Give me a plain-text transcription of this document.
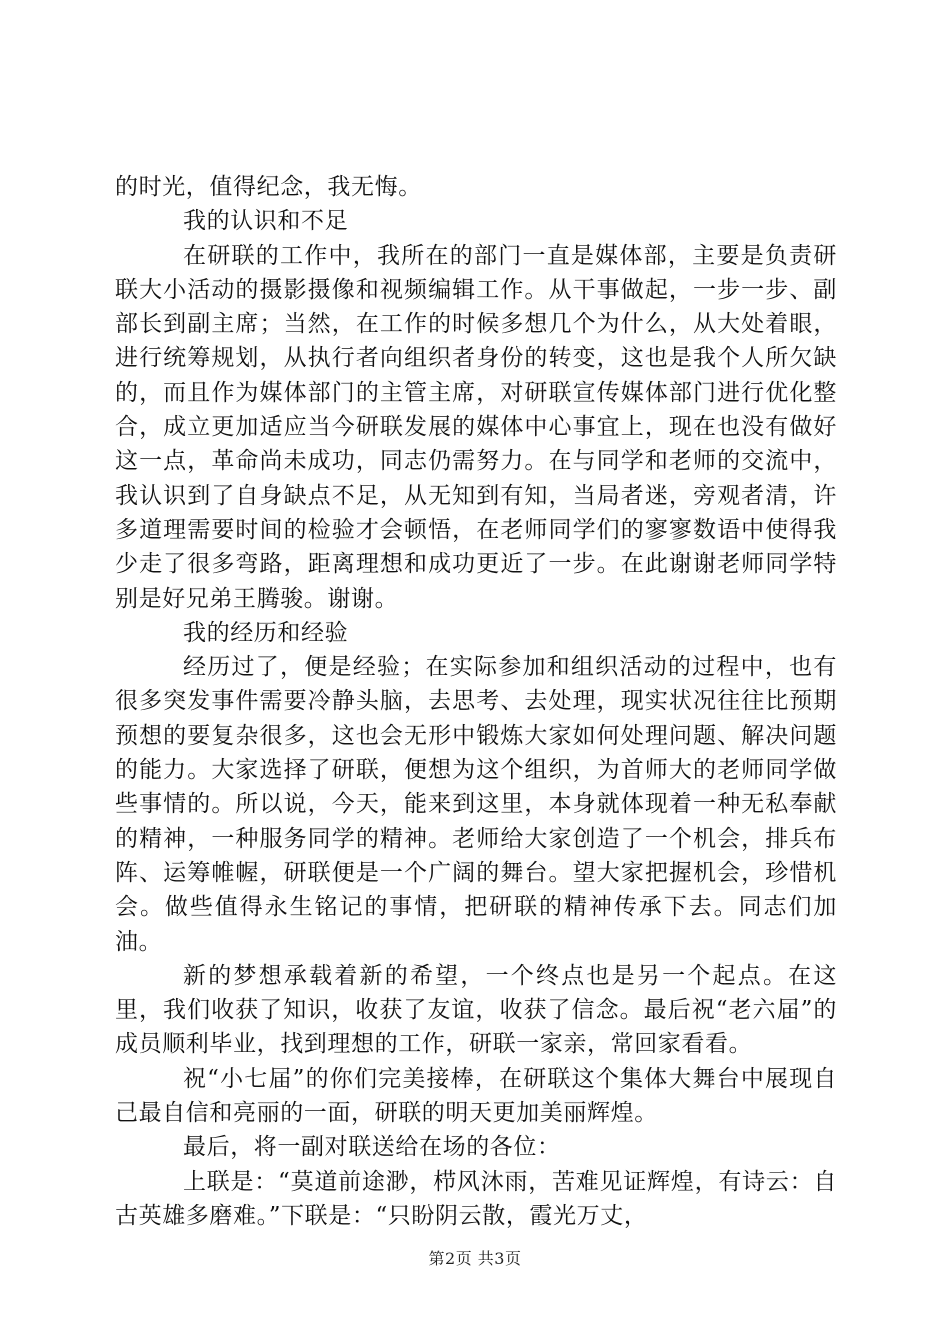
的时光，值得纪念，我无悔。

我的认识和不足

在研联的工作中，我所在的部门一直是媒体部，主要是负责研联大小活动的摄影摄像和视频编辑工作。从干事做起，一步一步、副部长到副主席；当然，在工作的时候多想几个为什么，从大处着眼，进行统筹规划，从执行者向组织者身份的转变，这也是我个人所欠缺的，而且作为媒体部门的主管主席，对研联宣传媒体部门进行优化整合，成立更加适应当今研联发展的媒体中心事宜上，现在也没有做好这一点，革命尚未成功，同志仍需努力。在与同学和老师的交流中，我认识到了自身缺点不足，从无知到有知，当局者迷，旁观者清，许多道理需要时间的检验才会顿悟，在老师同学们的寥寥数语中使得我少走了很多弯路，距离理想和成功更近了一步。在此谢谢老师同学特别是好兄弟王腾骏。谢谢。

我的经历和经验

经历过了，便是经验；在实际参加和组织活动的过程中，也有很多突发事件需要冷静头脑，去思考、去处理，现实状况往往比预期预想的要复杂很多，这也会无形中锻炼大家如何处理问题、解决问题的能力。大家选择了研联，便想为这个组织，为首师大的老师同学做些事情的。所以说，今天，能来到这里，本身就体现着一种无私奉献的精神，一种服务同学的精神。老师给大家创造了一个机会，排兵布阵、运筹帷幄，研联便是一个广阔的舞台。望大家把握机会，珍惜机会。做些值得永生铭记的事情，把研联的精神传承下去。同志们加油。

新的梦想承载着新的希望，一个终点也是另一个起点。在这里，我们收获了知识，收获了友谊，收获了信念。最后祝“老六届”的成员顺利毕业，找到理想的工作，研联一家亲，常回家看看。

祝“小七届”的你们完美接棒，在研联这个集体大舞台中展现自己最自信和亮丽的一面，研联的明天更加美丽辉煌。

最后，将一副对联送给在场的各位：

上联是：“莫道前途渺，栉风沐雨，苦难见证辉煌，有诗云：自古英雄多磨难。”下联是：“只盼阴云散，霞光万丈，

第2页 共3页
